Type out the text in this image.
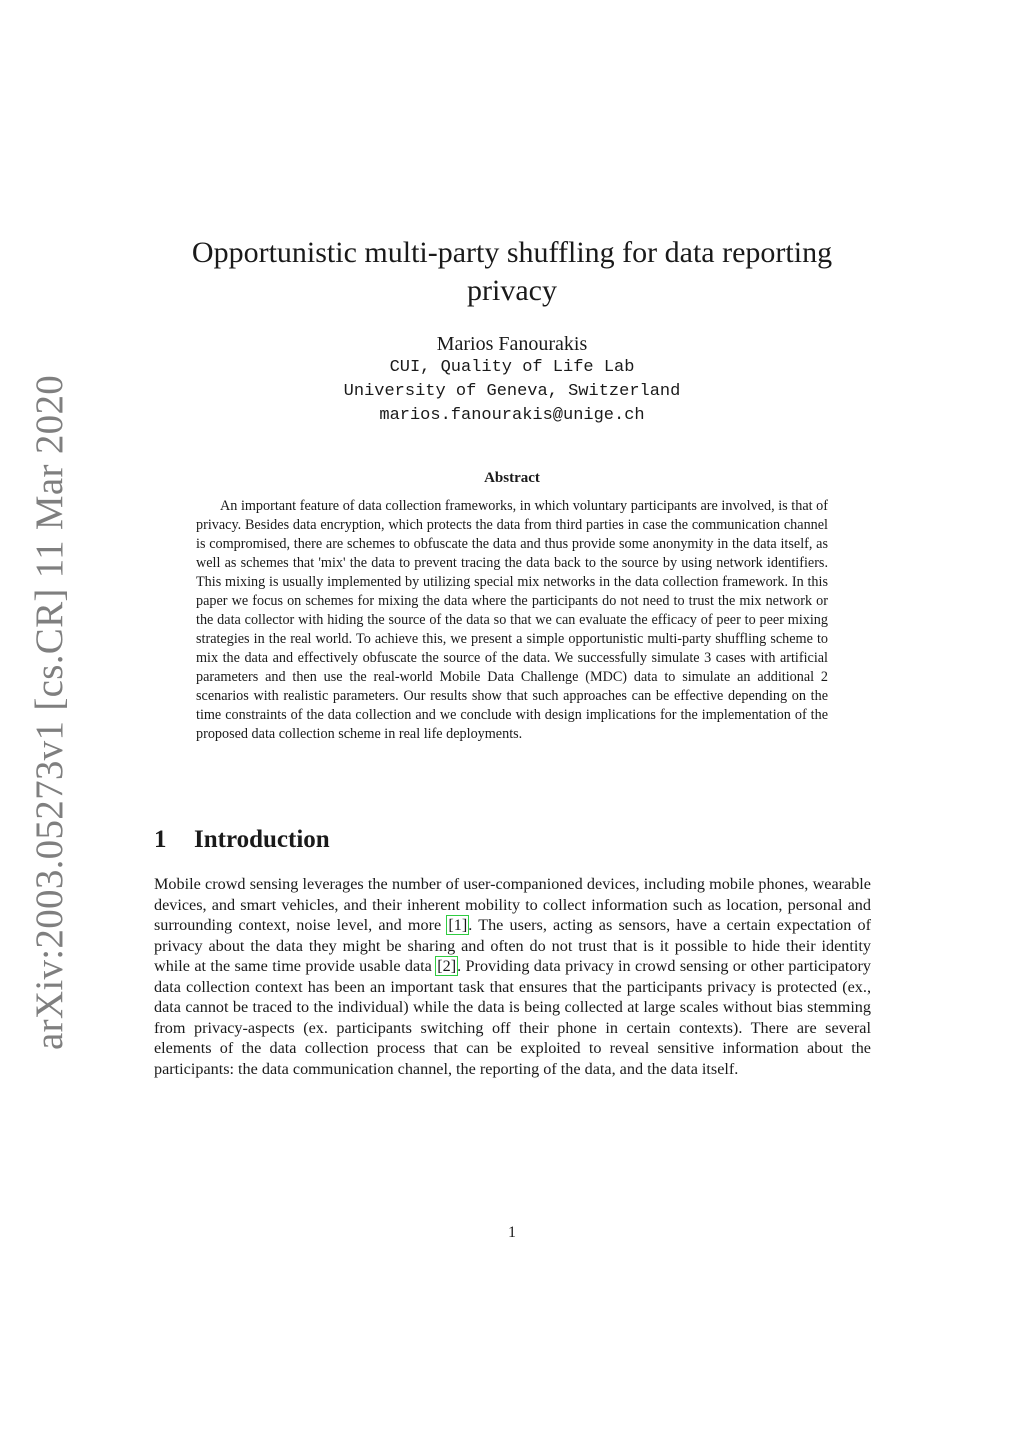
arXiv:2003.05273v1 [cs.CR] 11 Mar 2020
Opportunistic multi-party shuffling for data reporting privacy
Marios Fanourakis
CUI, Quality of Life Lab
University of Geneva, Switzerland
marios.fanourakis@unige.ch
Abstract

An important feature of data collection frameworks, in which voluntary participants are involved, is that of privacy. Besides data encryption, which protects the data from third parties in case the communication channel is compromised, there are schemes to obfuscate the data and thus provide some anonymity in the data itself, as well as schemes that 'mix' the data to prevent tracing the data back to the source by using network identifiers. This mixing is usually implemented by utilizing special mix networks in the data collection framework. In this paper we focus on schemes for mixing the data where the participants do not need to trust the mix network or the data collector with hiding the source of the data so that we can evaluate the efficacy of peer to peer mixing strategies in the real world. To achieve this, we present a simple opportunistic multi-party shuffling scheme to mix the data and effectively obfuscate the source of the data. We successfully simulate 3 cases with artificial parameters and then use the real-world Mobile Data Challenge (MDC) data to simulate an additional 2 scenarios with realistic parameters. Our results show that such approaches can be effective depending on the time constraints of the data collection and we conclude with design implications for the implementation of the proposed data collection scheme in real life deployments.

1 Introduction

Mobile crowd sensing leverages the number of user-companioned devices, including mobile phones, wearable devices, and smart vehicles, and their inherent mobility to collect information such as location, personal and surrounding context, noise level, and more [1]. The users, acting as sensors, have a certain expectation of privacy about the data they might be sharing and often do not trust that is it possible to hide their identity while at the same time provide usable data [2]. Providing data privacy in crowd sensing or other participatory data collection context has been an important task that ensures that the participants privacy is protected (ex., data cannot be traced to the individual) while the data is being collected at large scales without bias stemming from privacy-aspects (ex. participants switching off their phone in certain contexts). There are several elements of the data collection process that can be exploited to reveal sensitive information about the participants: the data communication channel, the reporting of the data, and the data itself.

1
